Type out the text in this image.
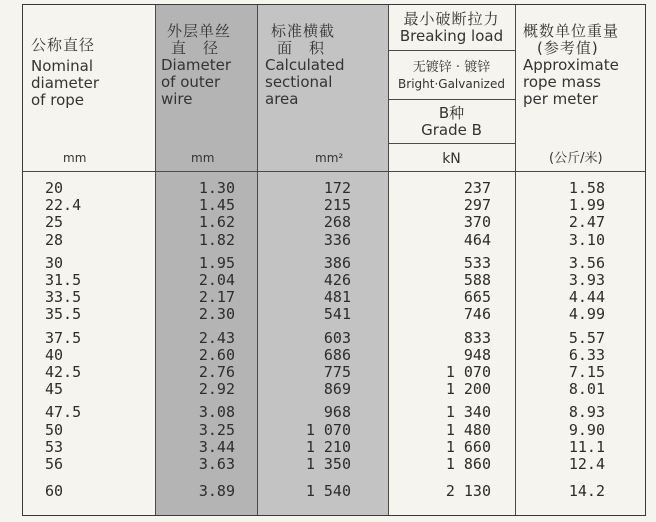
公称直径
Nominal
diameter
of rope
mm
外层单丝
直　径
Diameter
of outer
wire
mm
标准横截
面　积
Calculated
sectional
area
mm²
最小破断拉力
Breaking load
无镀锌 · 镀锌
Bright·Galvanized
B种
Grade B
kN
概数单位重量
(参考值)
Approximate
rope mass
per meter
(公斤/米)
20	1.30	172	237	1.58
22.4	1.45	215	297	1.99
25	1.62	268	370	2.47
28	1.82	336	464	3.10
30	1.95	386	533	3.56
31.5	2.04	426	588	3.93
33.5	2.17	481	665	4.44
35.5	2.30	541	746	4.99
37.5	2.43	603	833	5.57
40	2.60	686	948	6.33
42.5	2.76	775	1 070	7.15
45	2.92	869	1 200	8.01
47.5	3.08	968	1 340	8.93
50	3.25	1 070	1 480	9.90
53	3.44	1 210	1 660	11.1
56	3.63	1 350	1 860	12.4
60	3.89	1 540	2 130	14.2
